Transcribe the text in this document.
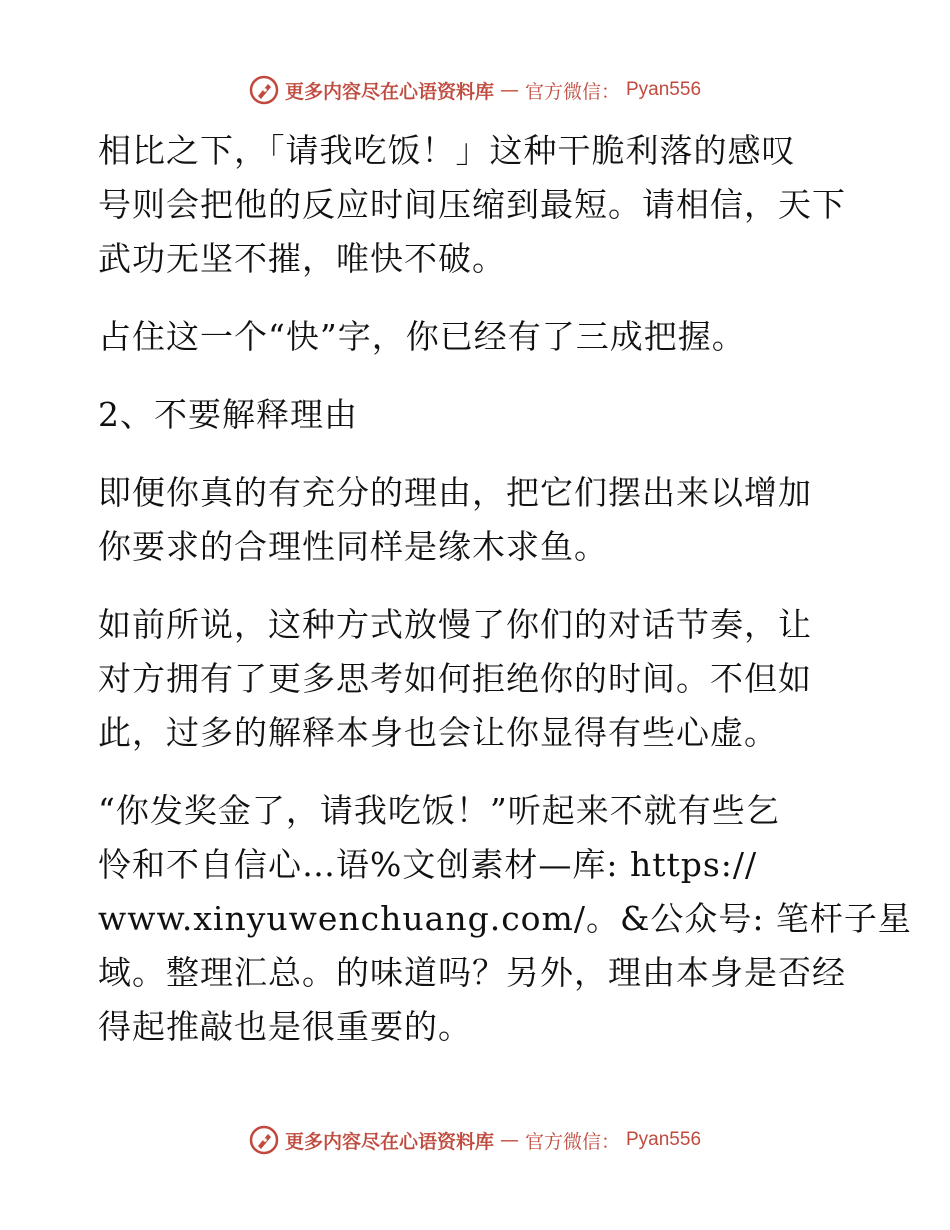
更多内容尽在心语资料库 — 官方微信： Pyan556
相比之下，「请我吃饭！」这种干脆利落的感叹
号则会把他的反应时间压缩到最短。请相信，天下
武功无坚不摧，唯快不破。
占住这一个“快”字，你已经有了三成把握。
2、不要解释理由
即便你真的有充分的理由，把它们摆出来以增加
你要求的合理性同样是缘木求鱼。
如前所说，这种方式放慢了你们的对话节奏，让
对方拥有了更多思考如何拒绝你的时间。不但如
此，过多的解释本身也会让你显得有些心虚。
“你发奖金了，请我吃饭！”听起来不就有些乞
怜和不自信心…语%文创素材—库: https://
www.xinyuwenchuang.com/。&公众号: 笔杆子星
域。整理汇总。的味道吗？另外，理由本身是否经
得起推敲也是很重要的。
更多内容尽在心语资料库 — 官方微信： Pyan556
